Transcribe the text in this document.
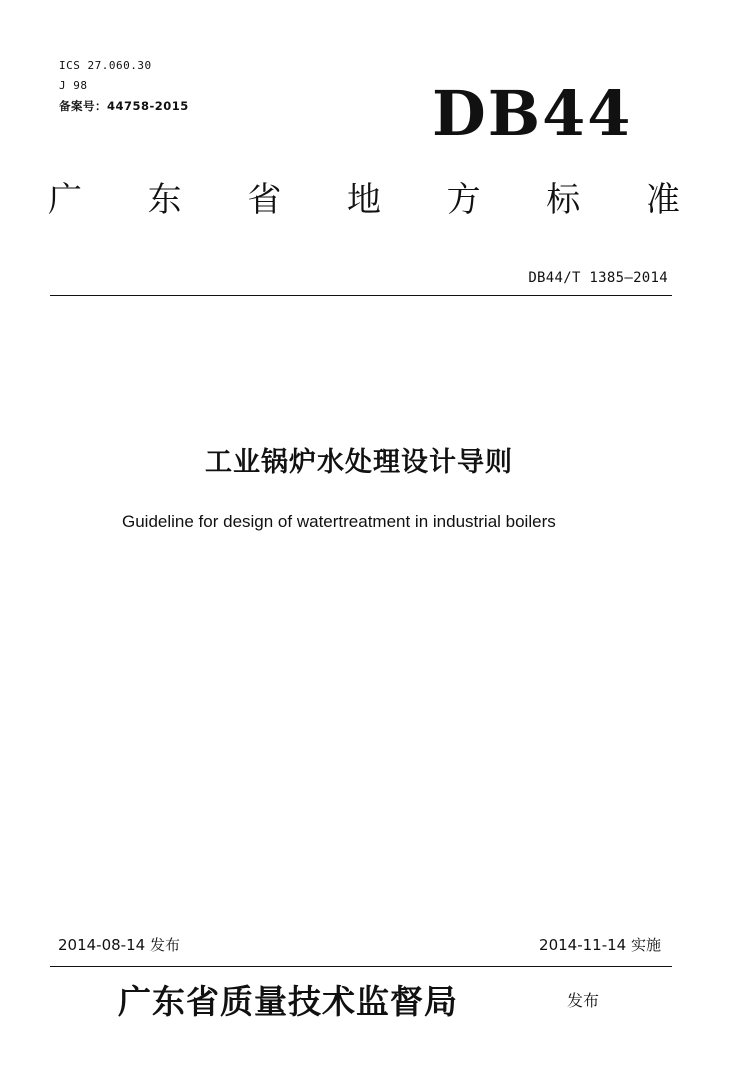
ICS 27.060.30
J 98
备案号：44758-2015	DB44
广 东 省 地 方 标 准
DB44/T 1385—2014
工业锅炉水处理设计导则
Guideline for design of watertreatment in industrial boilers
2014-08-14 发布	2014-11-14 实施
广东省质量技术监督局	发布
